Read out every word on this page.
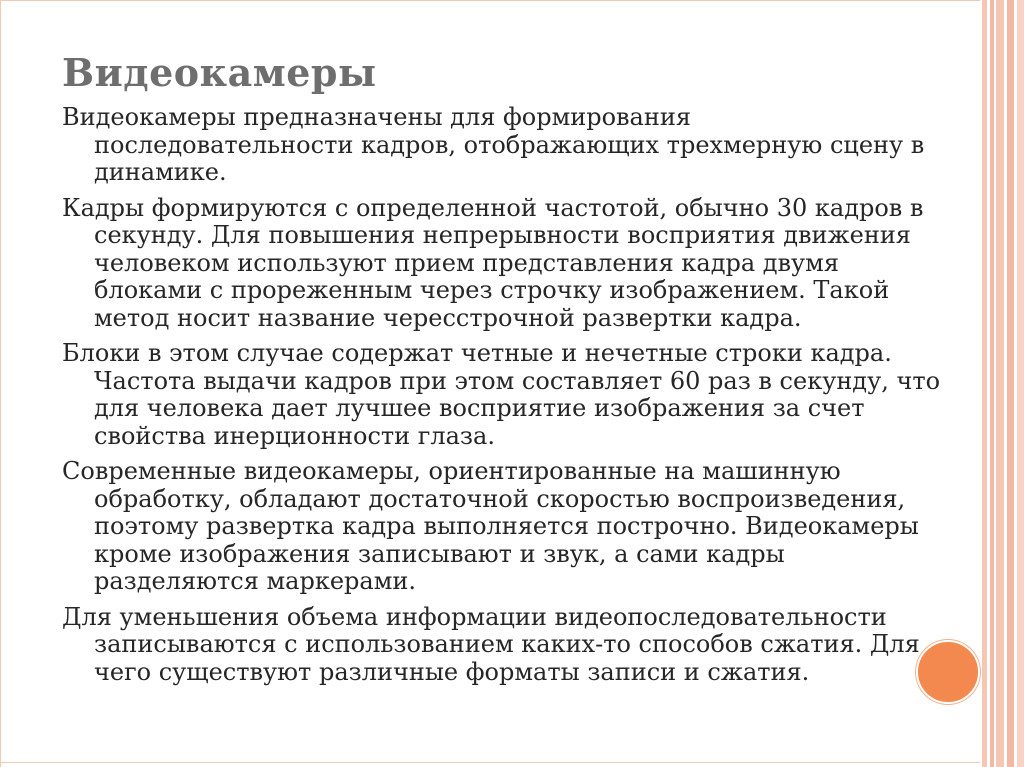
Видеокамеры

Видеокамеры предназначены для формирования последовательности кадров, отображающих трехмерную сцену в динамике.

Кадры формируются с определенной частотой, обычно 30 кадров в секунду. Для повышения непрерывности восприятия движения человеком используют прием представления кадра двумя блоками с прореженным через строчку изображением. Такой метод носит название чересстрочной развертки кадра.

Блоки в этом случае содержат четные и нечетные строки кадра. Частота выдачи кадров при этом составляет 60 раз в секунду, что для человека дает лучшее восприятие изображения за счет свойства инерционности глаза.

Современные видеокамеры, ориентированные на машинную обработку, обладают достаточной скоростью воспроизведения, поэтому развертка кадра выполняется построчно. Видеокамеры кроме изображения записывают и звук, а сами кадры разделяются маркерами.

Для уменьшения объема информации видеопоследовательности записываются с использованием каких-то способов сжатия. Для чего существуют различные форматы записи и сжатия.
